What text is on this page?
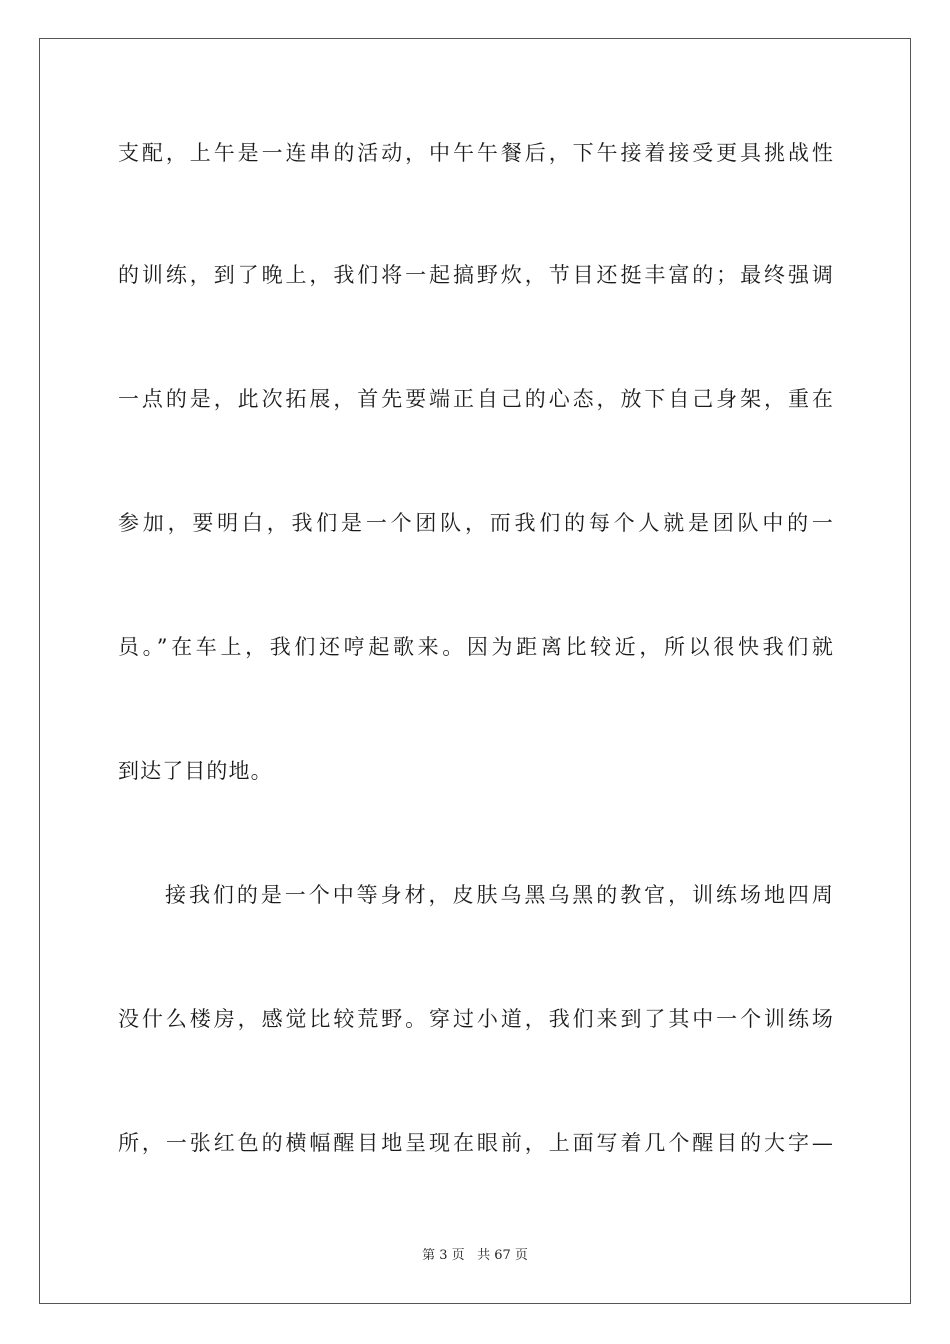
支配，上午是一连串的活动，中午午餐后，下午接着接受更具挑战性
的训练，到了晚上，我们将一起搞野炊，节目还挺丰富的；最终强调
一点的是，此次拓展，首先要端正自己的心态，放下自己身架，重在
参加，要明白，我们是一个团队，而我们的每个人就是团队中的一
员。”在车上，我们还哼起歌来。因为距离比较近，所以很快我们就
到达了目的地。
接我们的是一个中等身材，皮肤乌黑乌黑的教官，训练场地四周
没什么楼房，感觉比较荒野。穿过小道，我们来到了其中一个训练场
所，一张红色的横幅醒目地呈现在眼前，上面写着几个醒目的大字—
第 3 页 共 67 页
